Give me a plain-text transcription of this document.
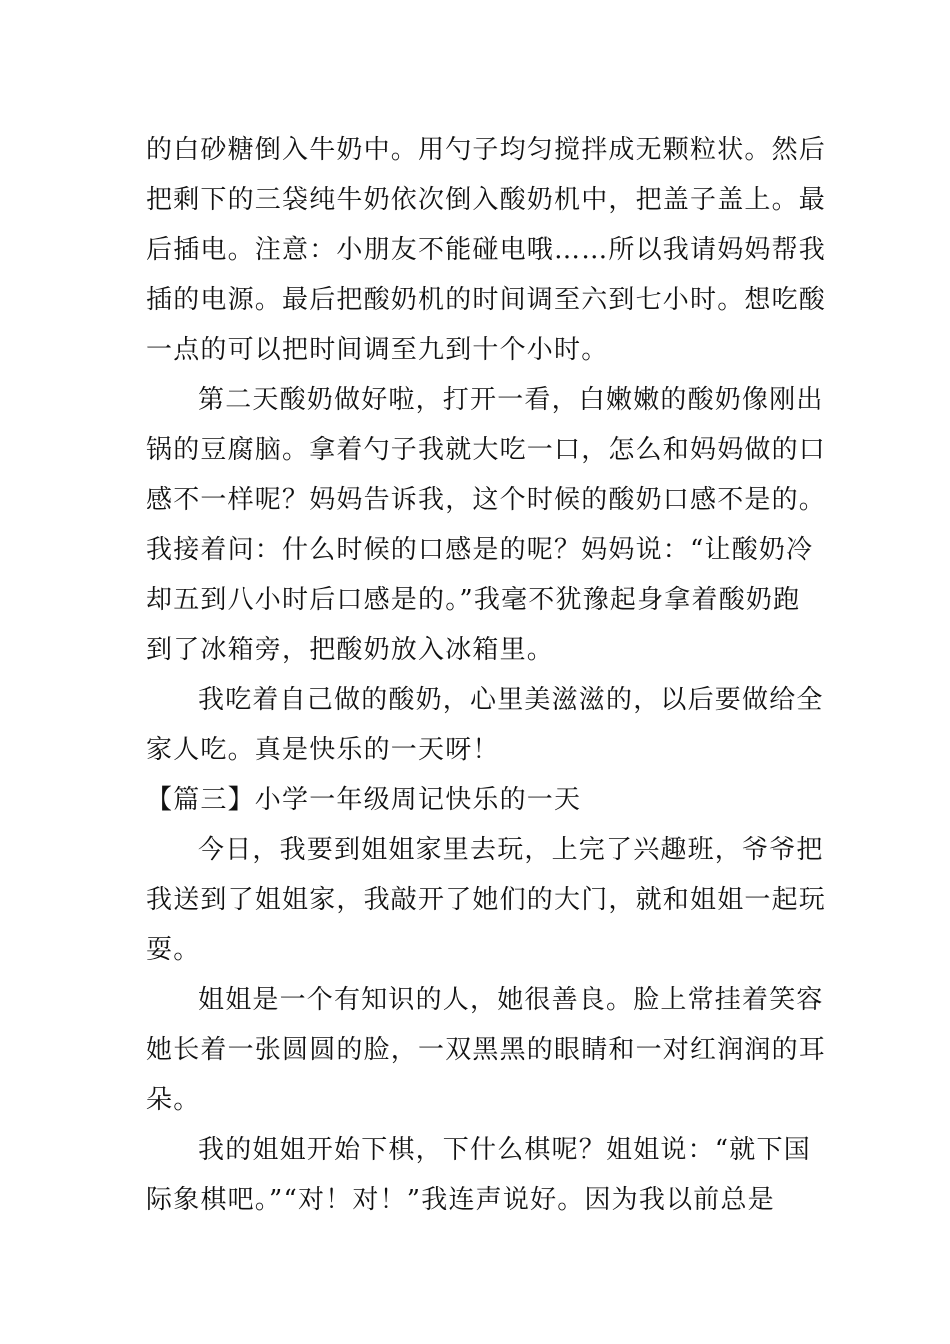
的白砂糖倒入牛奶中。用勺子均匀搅拌成无颗粒状。然后
把剩下的三袋纯牛奶依次倒入酸奶机中，把盖子盖上。最
后插电。注意：小朋友不能碰电哦……所以我请妈妈帮我
插的电源。最后把酸奶机的时间调至六到七小时。想吃酸
一点的可以把时间调至九到十个小时。
第二天酸奶做好啦，打开一看，白嫩嫩的酸奶像刚出
锅的豆腐脑。拿着勺子我就大吃一口，怎么和妈妈做的口
感不一样呢？妈妈告诉我，这个时候的酸奶口感不是的。
我接着问：什么时候的口感是的呢？妈妈说：“让酸奶冷
却五到八小时后口感是的。”我毫不犹豫起身拿着酸奶跑
到了冰箱旁，把酸奶放入冰箱里。
我吃着自己做的酸奶，心里美滋滋的，以后要做给全
家人吃。真是快乐的一天呀！
【篇三】小学一年级周记快乐的一天
今日，我要到姐姐家里去玩，上完了兴趣班，爷爷把
我送到了姐姐家，我敲开了她们的大门，就和姐姐一起玩
耍。
姐姐是一个有知识的人，她很善良。脸上常挂着笑容
她长着一张圆圆的脸，一双黑黑的眼睛和一对红润润的耳
朵。
我的姐姐开始下棋，下什么棋呢？姐姐说：“就下国
际象棋吧。”“对！对！”我连声说好。因为我以前总是
